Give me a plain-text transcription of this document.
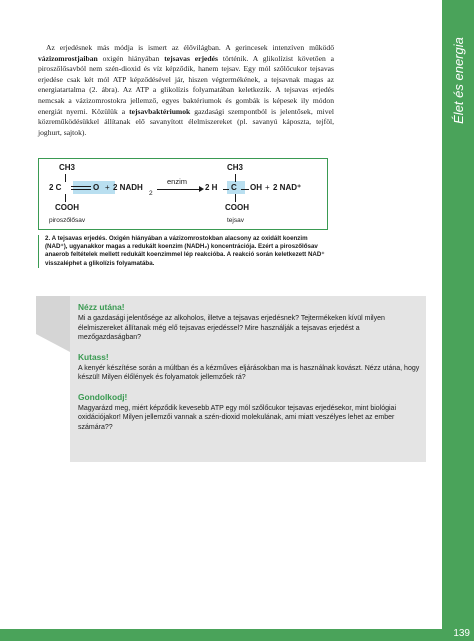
Élet és energia

Az erjedésnek más módja is ismert az élővilágban. A gerincesek intenzíven működő vázizomrostjaiban oxigén hiányában tejsavas erjedés történik. A glikolízist követően a piroszőlősavból nem szén-dioxid és víz képződik, hanem tejsav. Egy mól szőlőcukor tejsavas erjedése csak két mól ATP képződésével jár, hiszen végtermékének, a tejsavnak magas az energiatartalma (2. ábra). Az ATP a glikolízis folyamatában keletkezik. A tejsavas erjedés nemcsak a vázizomrostokra jellemző, egyes baktériumok és gombák is képesek ily módon energiát nyerni. Közülük a tejsavbaktériumok gazdasági szempontból is jelentősek, mivel közreműködésükkel állítanak elő savanyított élelmiszereket (pl. savanyú káposzta, tejföl, joghurt, sajtok).

CH3
2 C	O + 2 NADH
2
enzim
2 H C OH + 2 NAD⁺
CH3
COOH	COOH
piroszőlősav	tejsav
2. A tejsavas erjedés. Oxigén hiányában a vázizomrostokban alacsony az oxidált koenzim (NAD⁺), ugyanakkor magas a redukált koenzim (NADH₂) koncentrációja. Ezért a piroszőlősav anaerob feltételek mellett redukált koenzimmel lép reakcióba. A reakció során keletkezett NAD⁺ visszaléphet a glikolízis folyamatába.
Nézz utána!
Mi a gazdasági jelentősége az alkoholos, illetve a tejsavas erjedésnek? Tejtermékeken kívül milyen élelmiszereket állítanak még elő tejsavas erjedéssel? Mire használják a tejsavas erjedést a mezőgazdaságban?
Kutass!
A kenyér készítése során a múltban és a kézműves eljárásokban ma is használnak kovászt. Nézz utána, hogy készül! Milyen élőlények és folyamatok jellemzőek rá?
Gondolkodj!
Magyarázd meg, miért képződik kevesebb ATP egy mól szőlőcukor tejsavas erjedésekor, mint biológiai oxidációjakor! Milyen jellemzői vannak a szén-dioxid molekulának, ami miatt veszélyes lehet az ember számára??
139
